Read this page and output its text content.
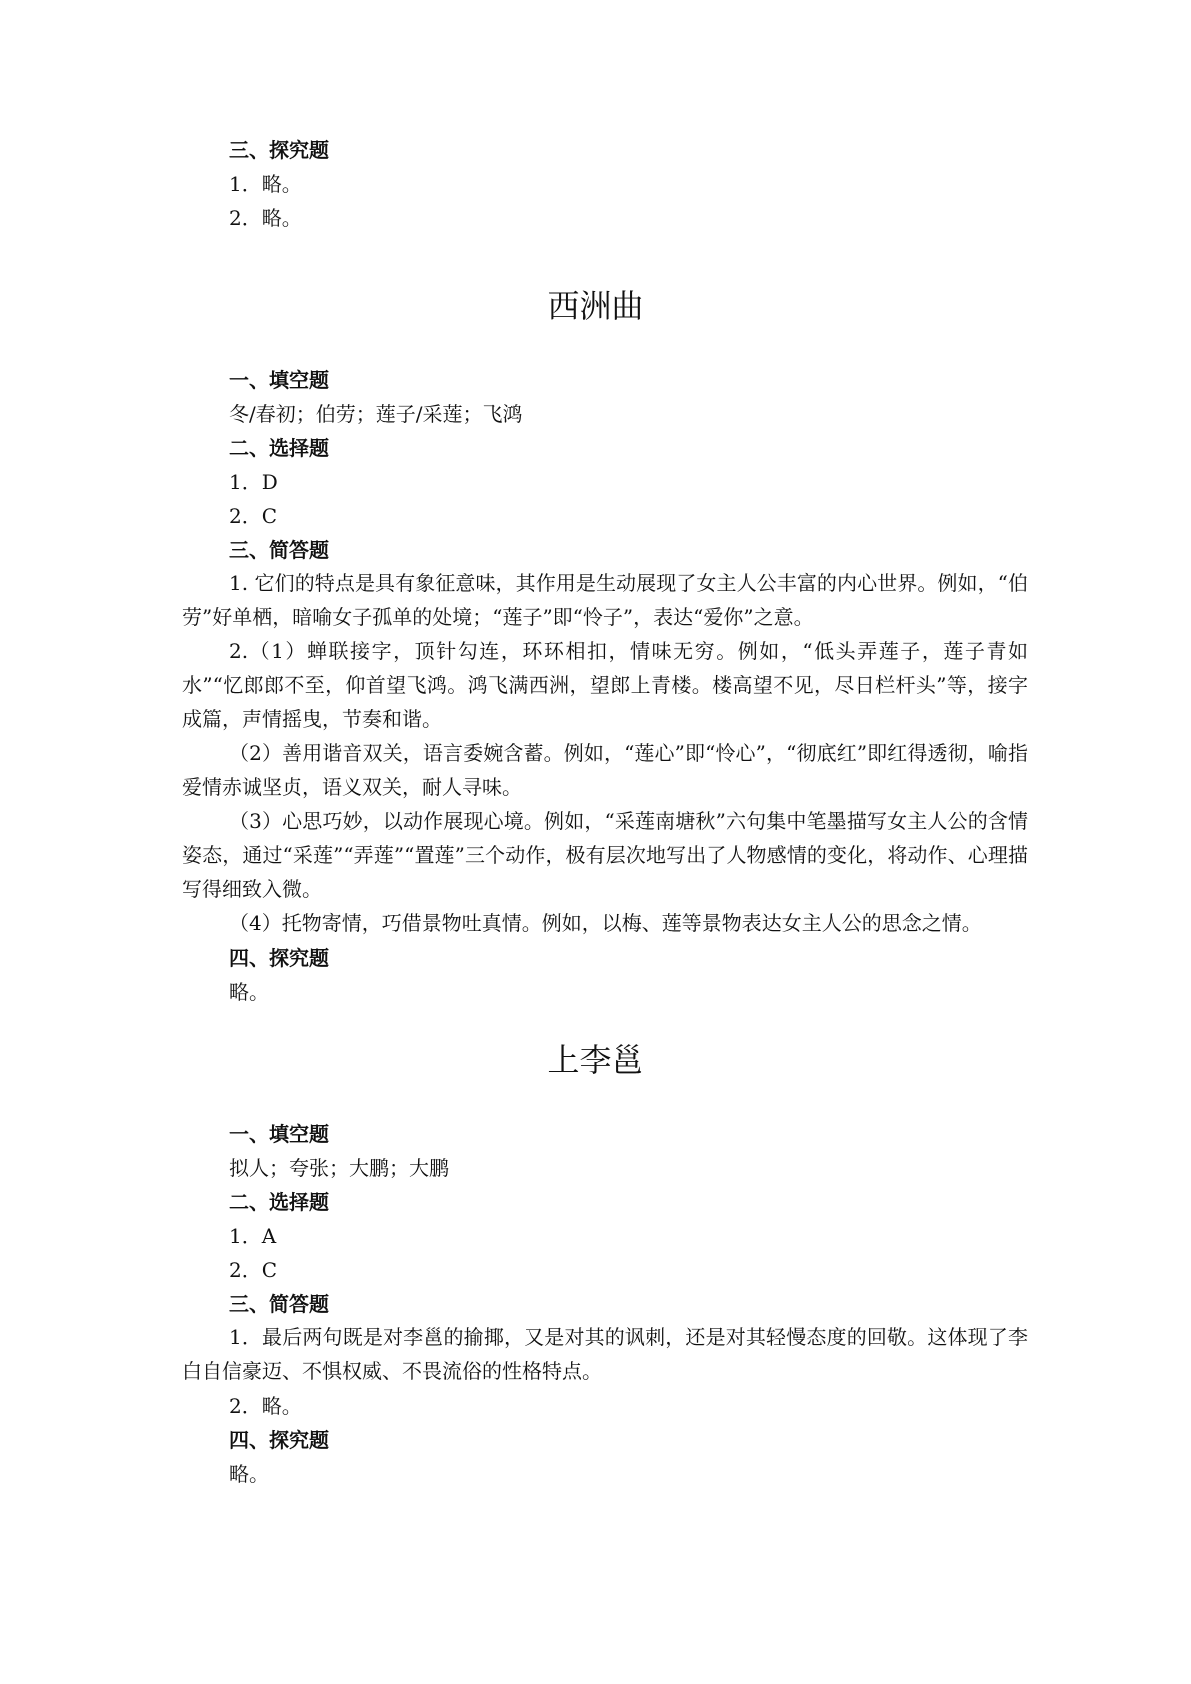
三、探究题
1．略。
2．略。
西洲曲
一、填空题
冬/春初；伯劳；莲子/采莲；飞鸿
二、选择题
1．D
2．C
三、简答题
1. 它们的特点是具有象征意味，其作用是生动展现了女主人公丰富的内心世界。例如，“伯劳”好单栖，暗喻女子孤单的处境；“莲子”即“怜子”，表达“爱你”之意。
2.（1）蝉联接字，顶针勾连，环环相扣，情味无穷。例如，“低头弄莲子，莲子青如水”“忆郎郎不至，仰首望飞鸿。鸿飞满西洲，望郎上青楼。楼高望不见，尽日栏杆头”等，接字成篇，声情摇曳，节奏和谐。
（2）善用谐音双关，语言委婉含蓄。例如，“莲心”即“怜心”，“彻底红”即红得透彻，喻指爱情赤诚坚贞，语义双关，耐人寻味。
（3）心思巧妙，以动作展现心境。例如，“采莲南塘秋”六句集中笔墨描写女主人公的含情姿态，通过“采莲”“弄莲”“置莲”三个动作，极有层次地写出了人物感情的变化，将动作、心理描写得细致入微。
（4）托物寄情，巧借景物吐真情。例如，以梅、莲等景物表达女主人公的思念之情。
四、探究题
略。
上李邕
一、填空题
拟人；夸张；大鹏；大鹏
二、选择题
1．A
2．C
三、简答题
1．最后两句既是对李邕的揄揶，又是对其的讽刺，还是对其轻慢态度的回敬。这体现了李白自信豪迈、不惧权威、不畏流俗的性格特点。
2．略。
四、探究题
略。
